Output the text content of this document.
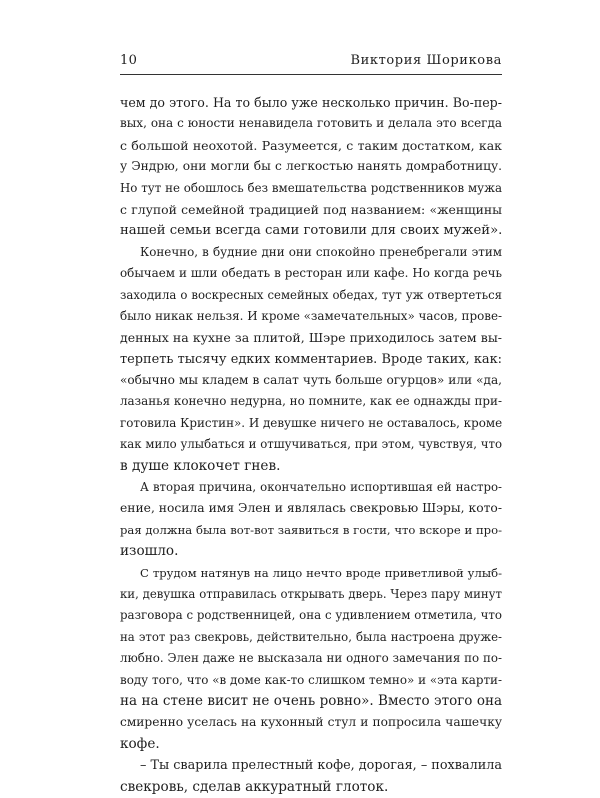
10	Виктория Шорикова
чем до этого. На то было уже несколько причин. Во-пер-
вых, она с юности ненавидела готовить и делала это всегда
с большой неохотой. Разумеется, с таким достатком, как
у Эндрю, они могли бы с легкостью нанять домработницу.
Но тут не обошлось без вмешательства родственников мужа
с глупой семейной традицией под названием: «женщины
нашей семьи всегда сами готовили для своих мужей».
Конечно, в будние дни они спокойно пренебрегали этим
обычаем и шли обедать в ресторан или кафе. Но когда речь
заходила о воскресных семейных обедах, тут уж отвертеться
было никак нельзя. И кроме «замечательных» часов, прове-
денных на кухне за плитой, Шэре приходилось затем вы-
терпеть тысячу едких комментариев. Вроде таких, как:
«обычно мы кладем в салат чуть больше огурцов» или «да,
лазанья конечно недурна, но помните, как ее однажды при-
готовила Кристин». И девушке ничего не оставалось, кроме
как мило улыбаться и отшучиваться, при этом, чувствуя, что
в душе клокочет гнев.
А вторая причина, окончательно испортившая ей настро-
ение, носила имя Элен и являлась свекровью Шэры, кото-
рая должна была вот-вот заявиться в гости, что вскоре и про-
изошло.
С трудом натянув на лицо нечто вроде приветливой улыб-
ки, девушка отправилась открывать дверь. Через пару минут
разговора с родственницей, она с удивлением отметила, что
на этот раз свекровь, действительно, была настроена друже-
любно. Элен даже не высказала ни одного замечания по по-
воду того, что «в доме как-то слишком темно» и «эта карти-
на на стене висит не очень ровно». Вместо этого она
смиренно уселась на кухонный стул и попросила чашечку
кофе.
– Ты сварила прелестный кофе, дорогая, – похвалила
свекровь, сделав аккуратный глоток.
